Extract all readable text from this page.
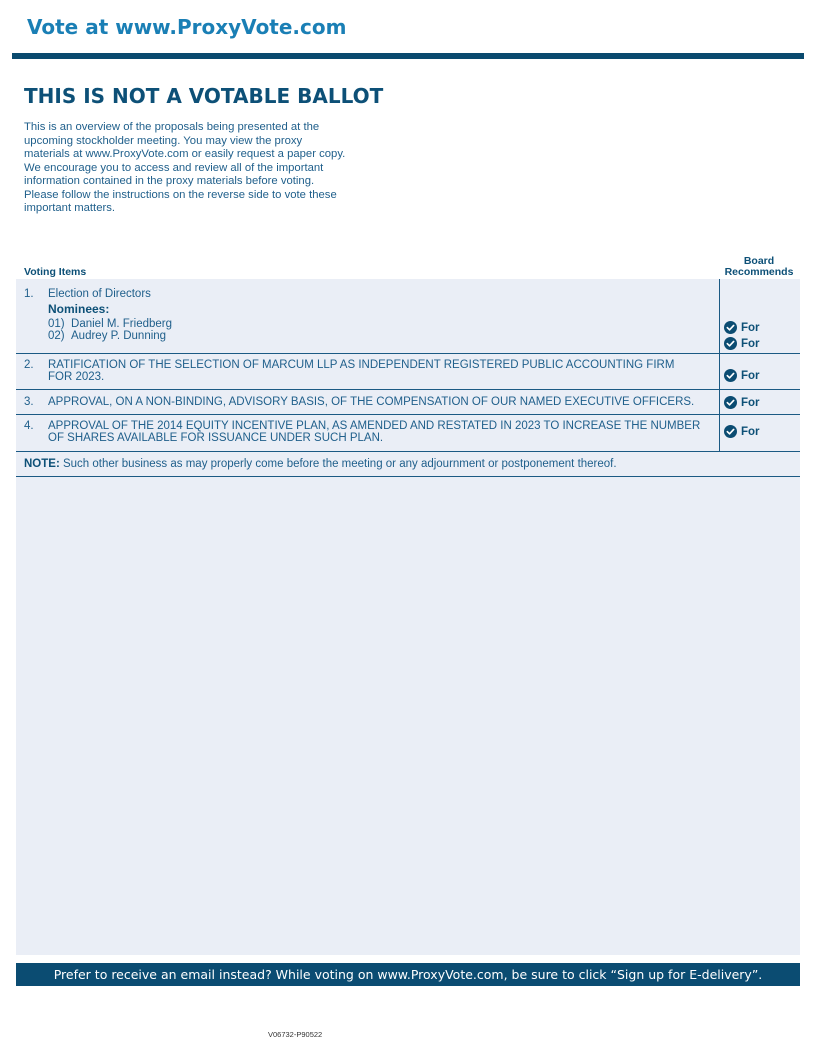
Vote at www.ProxyVote.com
THIS IS NOT A VOTABLE BALLOT
This is an overview of the proposals being presented at the
upcoming stockholder meeting. You may view the proxy
materials at www.ProxyVote.com or easily request a paper copy.
We encourage you to access and review all of the important
information contained in the proxy materials before voting.
Please follow the instructions on the reverse side to vote these
important matters.
Board
Recommends
Voting Items
1. Election of Directors
Nominees:
01) Daniel M. Friedberg
02) Audrey P. Dunning
For
For
2. RATIFICATION OF THE SELECTION OF MARCUM LLP AS INDEPENDENT REGISTERED PUBLIC ACCOUNTING FIRM
FOR 2023.	For
3. APPROVAL, ON A NON-BINDING, ADVISORY BASIS, OF THE COMPENSATION OF OUR NAMED EXECUTIVE OFFICERS.	For
4. APPROVAL OF THE 2014 EQUITY INCENTIVE PLAN, AS AMENDED AND RESTATED IN 2023 TO INCREASE THE NUMBER
OF SHARES AVAILABLE FOR ISSUANCE UNDER SUCH PLAN.
For
NOTE: Such other business as may properly come before the meeting or any adjournment or postponement thereof.
Prefer to receive an email instead? While voting on www.ProxyVote.com, be sure to click “Sign up for E-delivery”.
V06732-P90522
